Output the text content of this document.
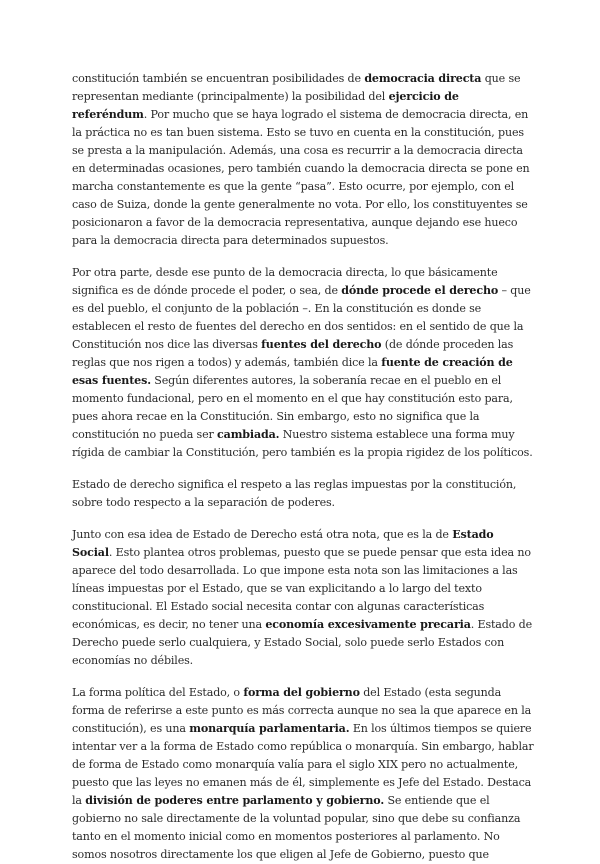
constitución también se encuentran posibilidades de democracia directa que se representan mediante (principalmente) la posibilidad del ejercicio de referéndum. Por mucho que se haya logrado el sistema de democracia directa, en la práctica no es tan buen sistema. Esto se tuvo en cuenta en la constitución, pues se presta a la manipulación. Además, una cosa es recurrir a la democracia directa en determinadas ocasiones, pero también cuando la democracia directa se pone en marcha constantemente es que la gente “pasa”. Esto ocurre, por ejemplo, con el caso de Suiza, donde la gente generalmente no vota. Por ello, los constituyentes se posicionaron a favor de la democracia representativa, aunque dejando ese hueco para la democracia directa para determinados supuestos.

Por otra parte, desde ese punto de la democracia directa, lo que básicamente significa es de dónde procede el poder, o sea, de dónde procede el derecho – que es del pueblo, el conjunto de la población –. En la constitución es donde se establecen el resto de fuentes del derecho en dos sentidos: en el sentido de que la Constitución nos dice las diversas fuentes del derecho (de dónde proceden las reglas que nos rigen a todos) y además, también dice la fuente de creación de esas fuentes. Según diferentes autores, la soberanía recae en el pueblo en el momento fundacional, pero en el momento en el que hay constitución esto para, pues ahora recae en la Constitución. Sin embargo, esto no significa que la constitución no pueda ser cambiada. Nuestro sistema establece una forma muy rígida de cambiar la Constitución, pero también es la propia rigidez de los políticos.

Estado de derecho significa el respeto a las reglas impuestas por la constitución, sobre todo respecto a la separación de poderes.

Junto con esa idea de Estado de Derecho está otra nota, que es la de Estado Social. Esto plantea otros problemas, puesto que se puede pensar que esta idea no aparece del todo desarrollada. Lo que impone esta nota son las limitaciones a las líneas impuestas por el Estado, que se van explicitando a lo largo del texto constitucional. El Estado social necesita contar con algunas características económicas, es decir, no tener una economía excesivamente precaria. Estado de Derecho puede serlo cualquiera, y Estado Social, solo puede serlo Estados con economías no débiles.

La forma política del Estado, o forma del gobierno del Estado (esta segunda forma de referirse a este punto es más correcta aunque no sea la que aparece en la constitución), es una monarquía parlamentaria. En los últimos tiempos se quiere intentar ver a la forma de Estado como república o monarquía. Sin embargo, hablar de forma de Estado como monarquía valía para el siglo XIX pero no actualmente, puesto que las leyes no emanen más de él, simplemente es Jefe del Estado. Destaca la división de poderes entre parlamento y gobierno. Se entiende que el gobierno no sale directamente de la voluntad popular, sino que debe su confianza tanto en el momento inicial como en momentos posteriores al parlamento. No somos nosotros directamente los que eligen al Jefe de Gobierno, puesto que
